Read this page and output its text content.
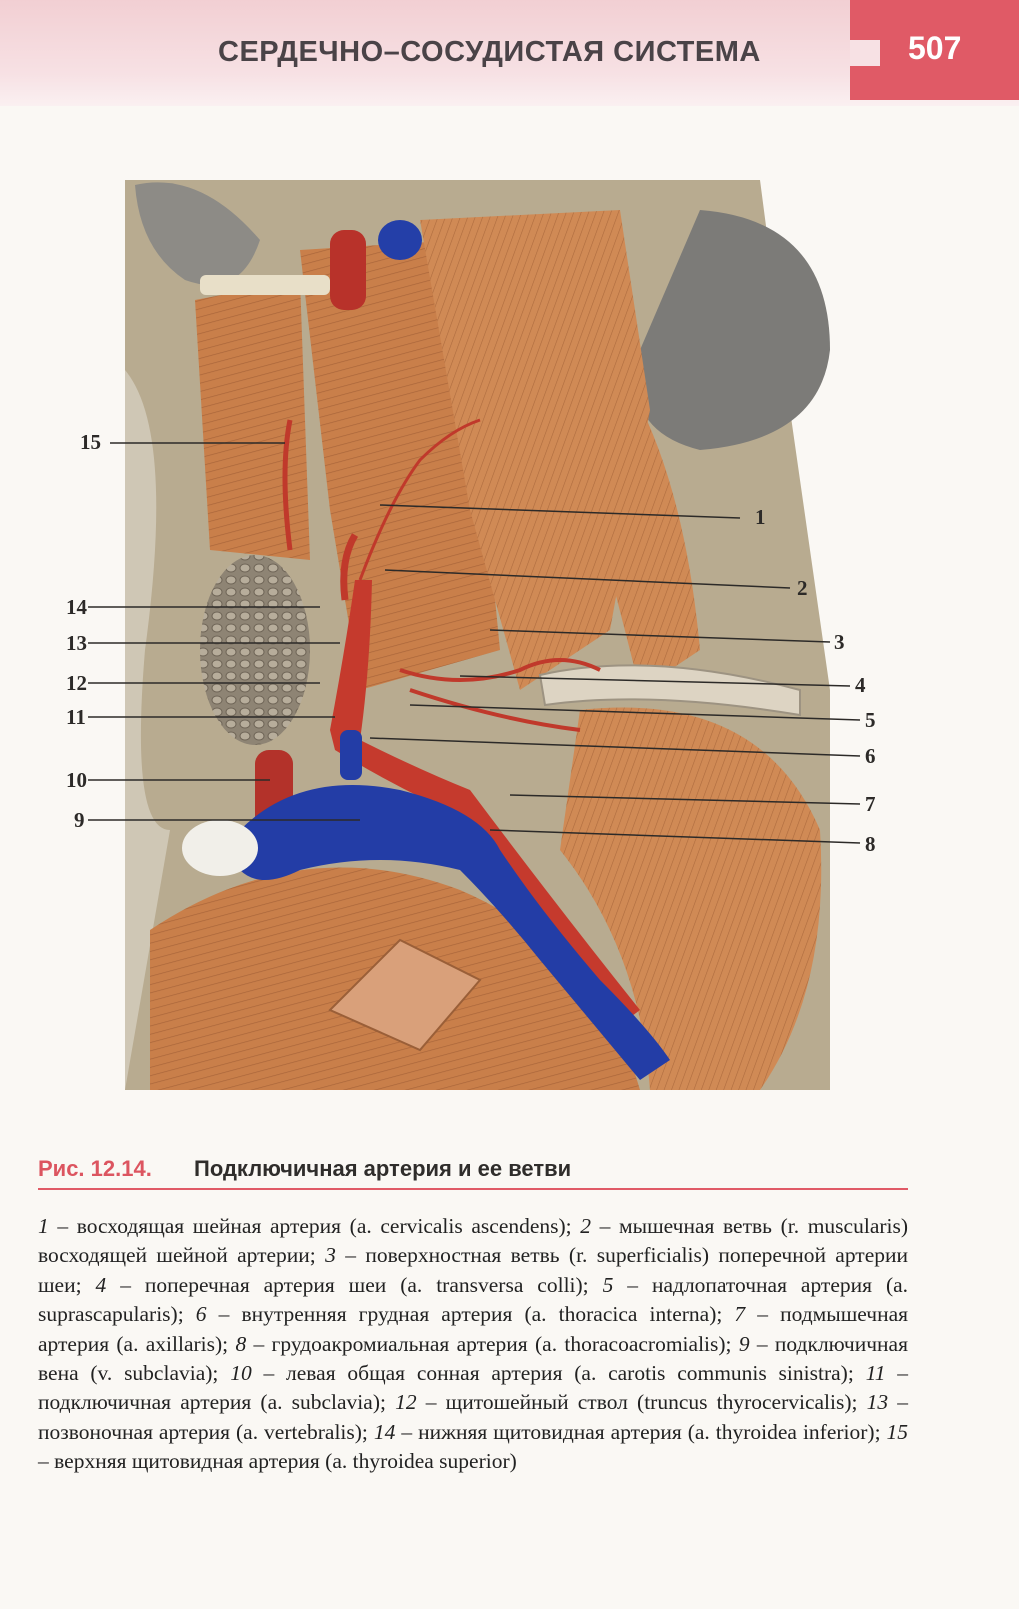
СЕРДЕЧНО–СОСУДИСТАЯ СИСТЕМА	507
15
1
2
3
4
5
6
7
8
14
13
12
11
10
9
Рис. 12.14. Подключичная артерия и ее ветви
1 – восходящая шейная артерия (a. cervicalis ascendens); 2 – мышечная ветвь (r. muscularis) восходящей шейной артерии; 3 – поверхностная ветвь (r. superficialis) поперечной артерии шеи; 4 – поперечная артерия шеи (a. transversa colli); 5 – надлопаточная артерия (a. suprascapularis); 6 – внутренняя грудная артерия (a. thoracica interna); 7 – подмышечная артерия (a. axillaris); 8 – грудоакромиальная артерия (a. thoracoacromialis); 9 – подключичная вена (v. subclavia); 10 – левая общая сонная артерия (a. carotis communis sinistra); 11 – подключичная артерия (a. subclavia); 12 – щитошейный ствол (truncus thyrocervicalis); 13 – позвоночная артерия (a. vertebralis); 14 – нижняя щитовидная артерия (a. thyroidea inferior); 15 – верхняя щитовидная артерия (a. thyroidea superior)
